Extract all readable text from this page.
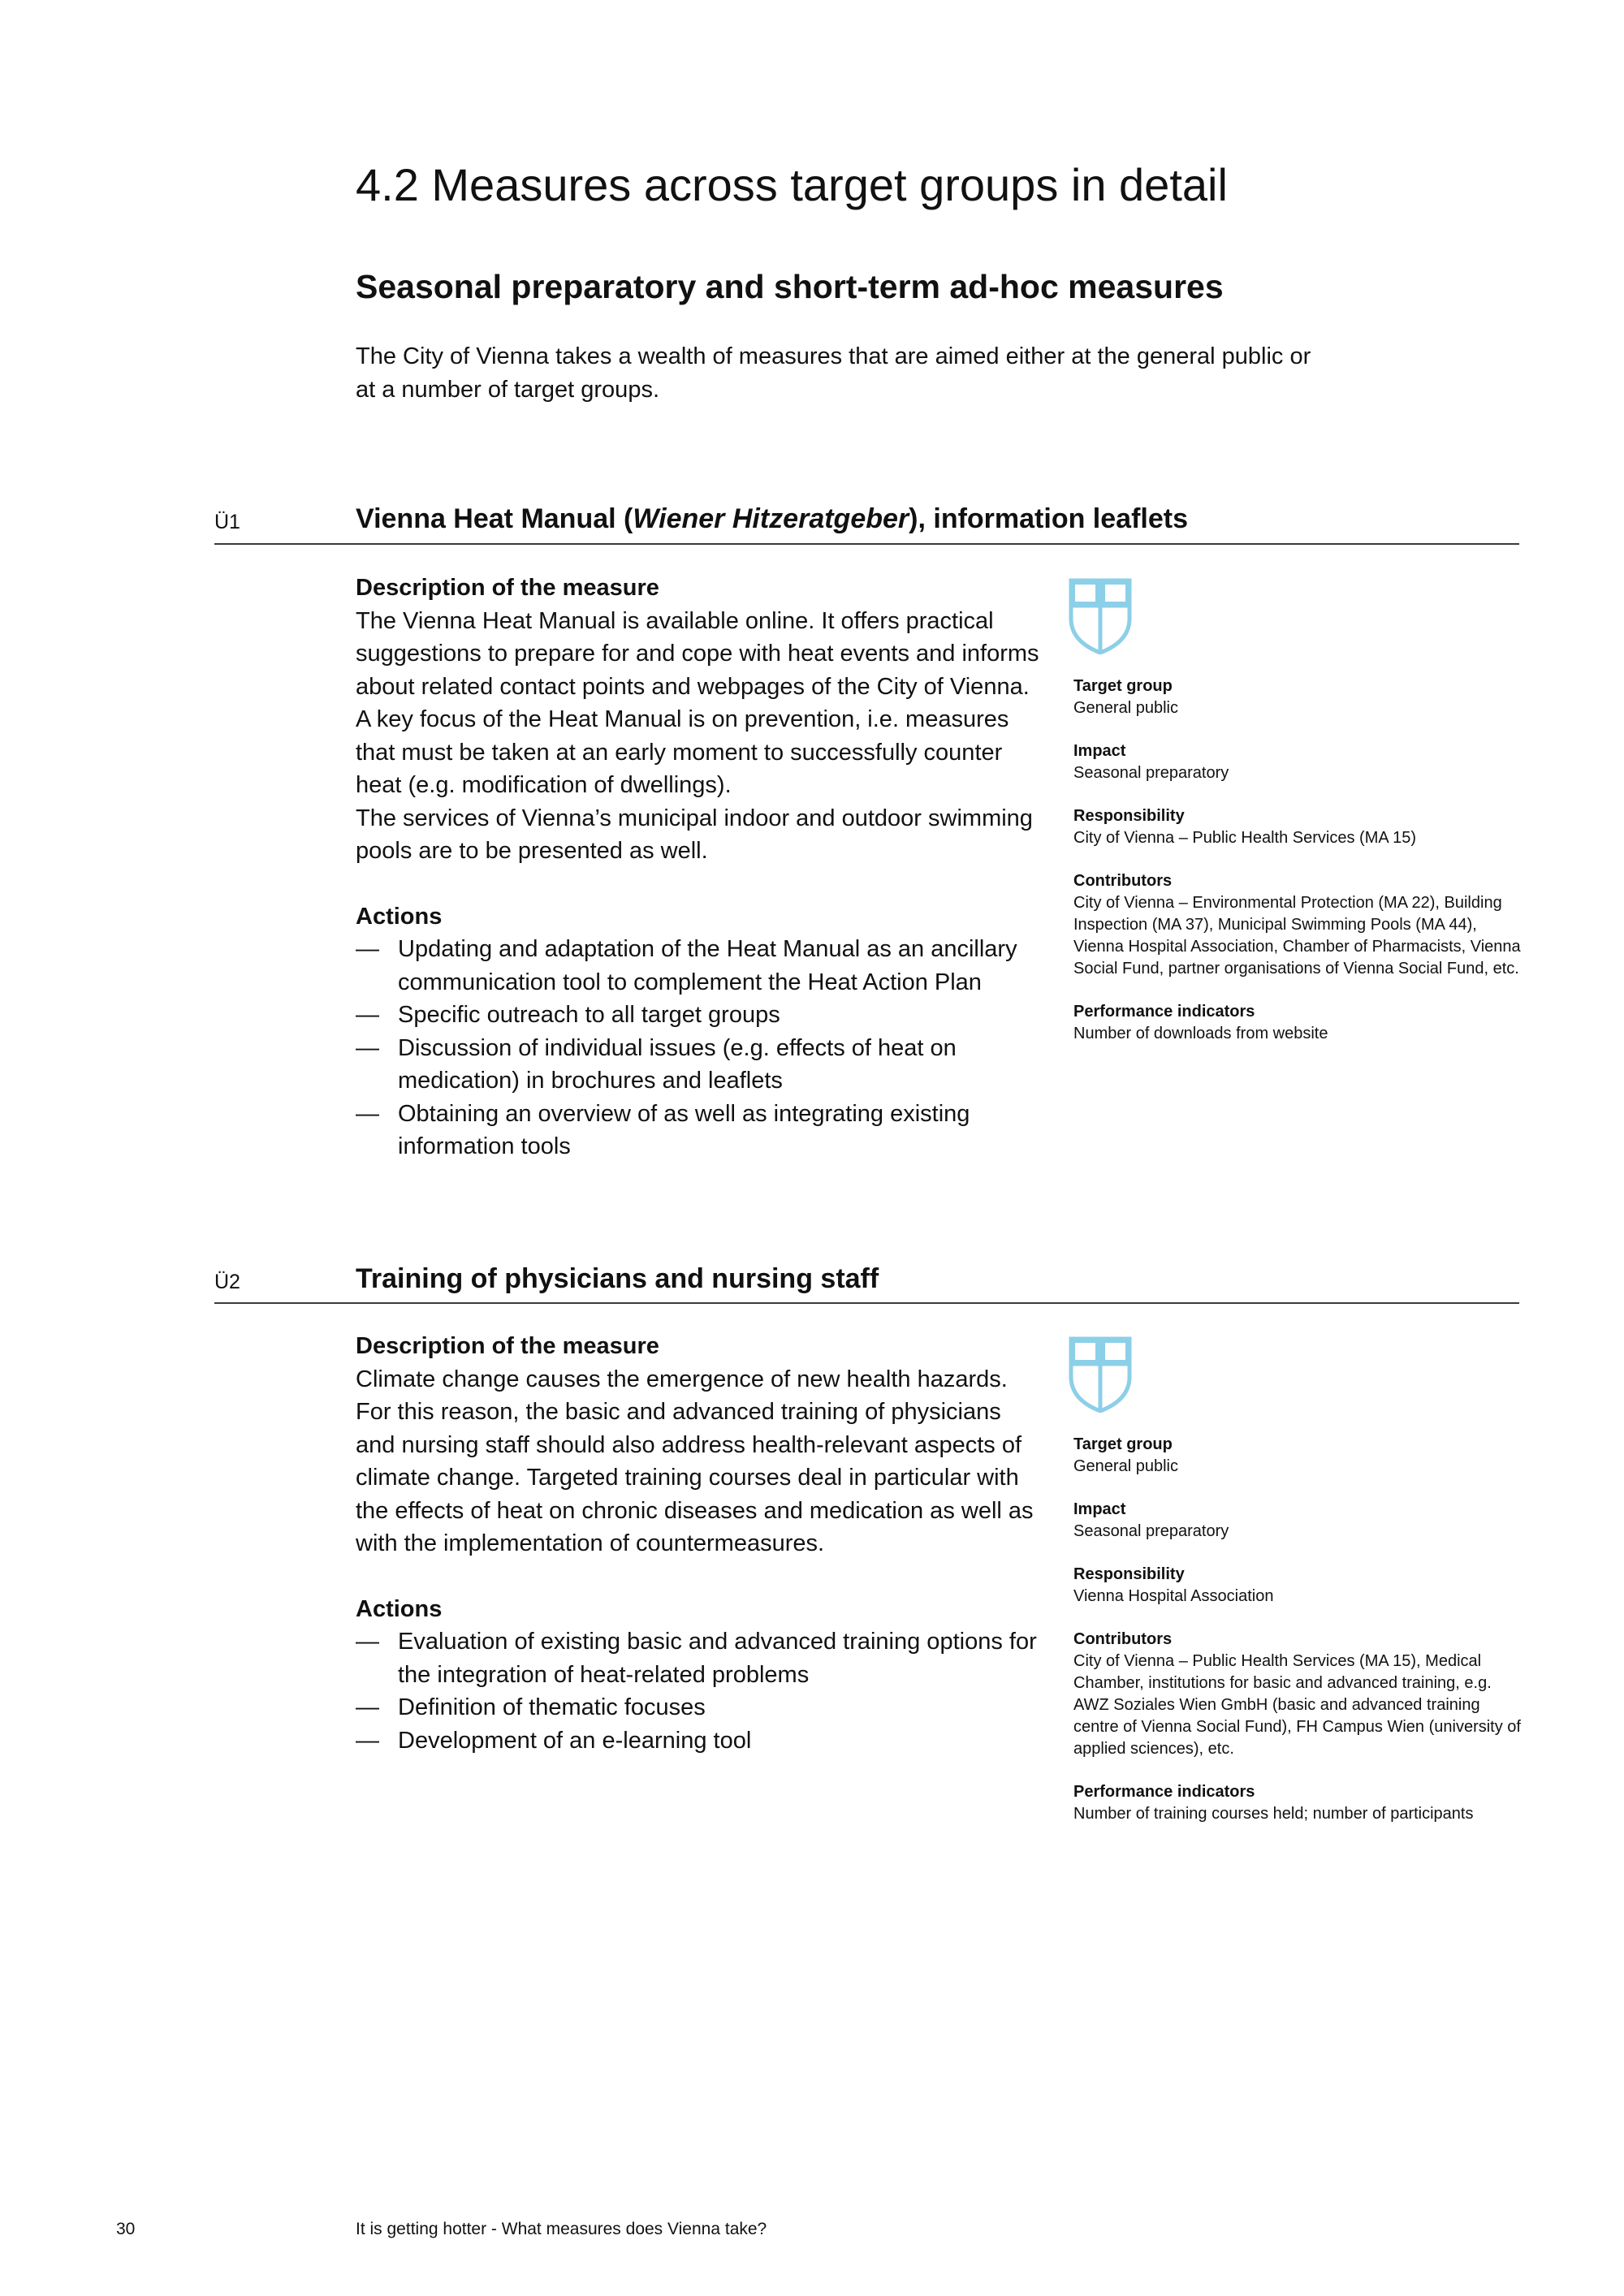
4.2 Measures across target groups in detail
Seasonal preparatory and short-term ad-hoc measures

The City of Vienna takes a wealth of measures that are aimed either at the general public or at a number of target groups.

Ü1	Vienna Heat Manual (Wiener Hitzeratgeber), information leaflets

Description of the measure

The Vienna Heat Manual is available online. It offers practical suggestions to prepare for and cope with heat events and informs about related contact points and webpages of the City of Vienna. A key focus of the Heat Manual is on prevention, i.e. measures that must be taken at an early moment to successfully counter heat (e.g. modification of dwellings).

The services of Vienna’s municipal indoor and outdoor swimming pools are to be presented as well.

Actions

— Updating and adaptation of the Heat Manual as an ancillary communication tool to complement the Heat Action Plan
— Specific outreach to all target groups
— Discussion of individual issues (e.g. effects of heat on medication) in brochures and leaflets
— Obtaining an overview of as well as integrating existing information tools

Target group

General public

Impact

Seasonal preparatory

Responsibility

City of Vienna – Public Health Services (MA 15)

Contributors

City of Vienna – Environmental Protection (MA 22), Building Inspection (MA 37), Municipal Swimming Pools (MA 44), Vienna Hospital Association, Chamber of Pharmacists, Vienna Social Fund, partner organisations of Vienna Social Fund, etc.

Performance indicators

Number of downloads from website

Ü2	Training of physicians and nursing staff

Description of the measure

Climate change causes the emergence of new health hazards. For this reason, the basic and advanced training of physicians and nursing staff should also address health-relevant aspects of climate change. Targeted training courses deal in particular with the effects of heat on chronic diseases and medication as well as with the implementation of countermeasures.

Actions

— Evaluation of existing basic and advanced training options for the integration of heat-related problems
— Definition of thematic focuses
— Development of an e-learning tool

Target group

General public

Impact

Seasonal preparatory

Responsibility

Vienna Hospital Association

Contributors

City of Vienna – Public Health Services (MA 15), Medical Chamber, institutions for basic and advanced training, e.g. AWZ Soziales Wien GmbH (basic and advanced training centre of Vienna Social Fund), FH Campus Wien (university of applied sciences), etc.

Performance indicators

Number of training courses held; number of participants

30	It is getting hotter - What measures does Vienna take?
